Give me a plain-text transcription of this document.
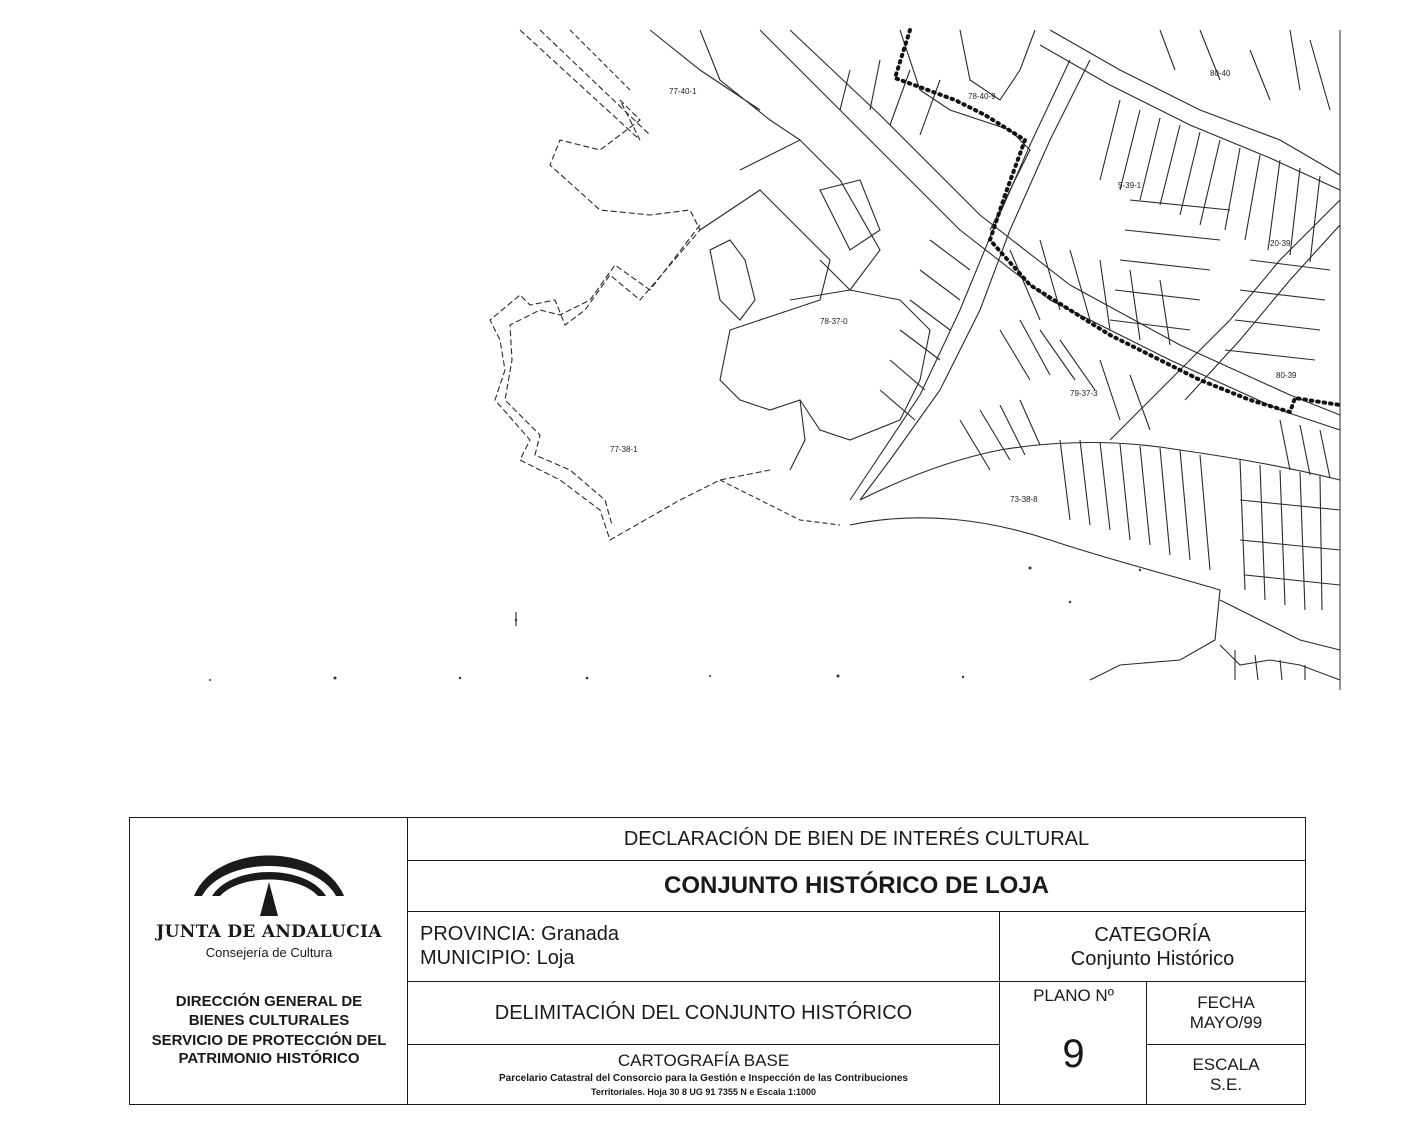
77-40-1
78-40-9
5-39-1
20-39
80-40
78-37-0
77-38-1
79-37-3
73-38-8
80-39
JUNTA DE ANDALUCIA
Consejería de Cultura
DIRECCIÓN GENERAL DE
BIENES CULTURALES
SERVICIO DE PROTECCIÓN DEL
PATRIMONIO HISTÓRICO
DECLARACIÓN DE BIEN DE INTERÉS CULTURAL
CONJUNTO HISTÓRICO DE LOJA
PROVINCIA: Granada
MUNICIPIO: Loja
CATEGORÍA
Conjunto Histórico
DELIMITACIÓN DEL CONJUNTO HISTÓRICO
CARTOGRAFÍA BASE
Parcelario Catastral del Consorcio para la Gestión e Inspección de las Contribuciones
Territoriales. Hoja 30 8 UG 91 7355 N e Escala 1:1000
PLANO Nº
9
FECHA
MAYO/99
ESCALA
S.E.
